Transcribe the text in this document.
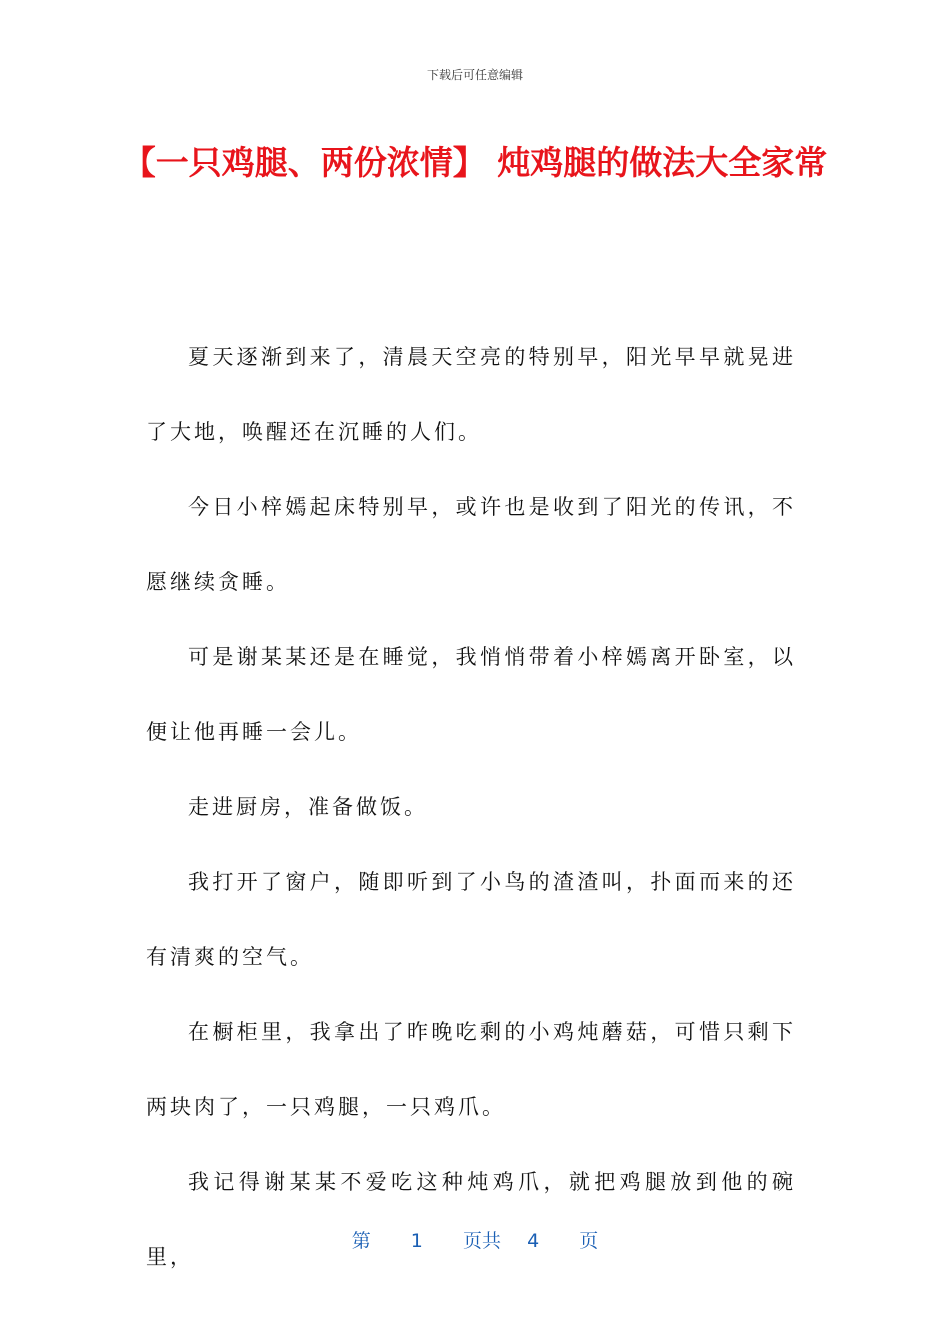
下载后可任意编辑
【一只鸡腿、两份浓情】 炖鸡腿的做法大全家常

夏天逐渐到来了，清晨天空亮的特别早，阳光早早就晃进了大地，唤醒还在沉睡的人们。

今日小梓嫣起床特别早，或许也是收到了阳光的传讯，不愿继续贪睡。

可是谢某某还是在睡觉，我悄悄带着小梓嫣离开卧室，以便让他再睡一会儿。

走进厨房，准备做饭。

我打开了窗户，随即听到了小鸟的渣渣叫，扑面而来的还有清爽的空气。

在橱柜里，我拿出了昨晚吃剩的小鸡炖蘑菇，可惜只剩下两块肉了，一只鸡腿，一只鸡爪。

我记得谢某某不爱吃这种炖鸡爪，就把鸡腿放到他的碗里，

第 1 页共 4 页
